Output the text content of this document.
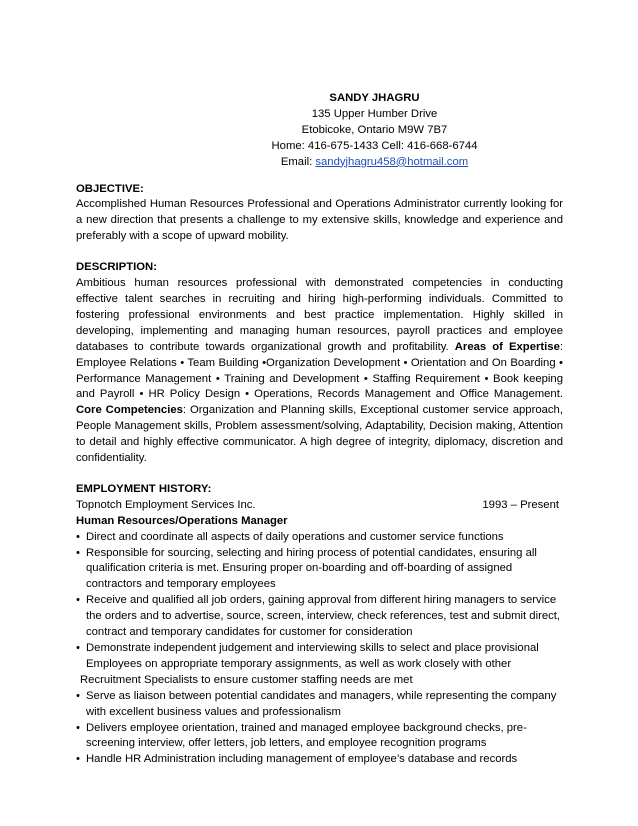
SANDY JHAGRU
135 Upper Humber Drive
Etobicoke, Ontario M9W 7B7
Home: 416-675-1433 Cell: 416-668-6744
Email: sandyjhagru458@hotmail.com
OBJECTIVE:
Accomplished Human Resources Professional and Operations Administrator currently looking for a new direction that presents a challenge to my extensive skills, knowledge and experience and preferably with a scope of upward mobility.
DESCRIPTION:
Ambitious human resources professional with demonstrated competencies in conducting effective talent searches in recruiting and hiring high-performing individuals. Committed to fostering professional environments and best practice implementation. Highly skilled in developing, implementing and managing human resources, payroll practices and employee databases to contribute towards organizational growth and profitability. Areas of Expertise: Employee Relations • Team Building •Organization Development • Orientation and On Boarding • Performance Management • Training and Development • Staffing Requirement • Book keeping and Payroll • HR Policy Design • Operations, Records Management and Office Management. Core Competencies: Organization and Planning skills, Exceptional customer service approach, People Management skills, Problem assessment/solving, Adaptability, Decision making, Attention to detail and highly effective communicator. A high degree of integrity, diplomacy, discretion and confidentiality.
EMPLOYMENT HISTORY:
Topnotch Employment Services Inc.	1993 – Present
Human Resources/Operations Manager
• Direct and coordinate all aspects of daily operations and customer service functions
• Responsible for sourcing, selecting and hiring process of potential candidates, ensuring all qualification criteria is met. Ensuring proper on-boarding and off-boarding of assigned contractors and temporary employees
• Receive and qualified all job orders, gaining approval from different hiring managers to service the orders and to advertise, source, screen, interview, check references, test and submit direct, contract and temporary candidates for customer for consideration
• Demonstrate independent judgement and interviewing skills to select and place provisional Employees on appropriate temporary assignments, as well as work closely with other
Recruitment Specialists to ensure customer staffing needs are met
• Serve as liaison between potential candidates and managers, while representing the company with excellent business values and professionalism
• Delivers employee orientation, trained and managed employee background checks, pre-screening interview, offer letters, job letters, and employee recognition programs
• Handle HR Administration including management of employee’s database and records
